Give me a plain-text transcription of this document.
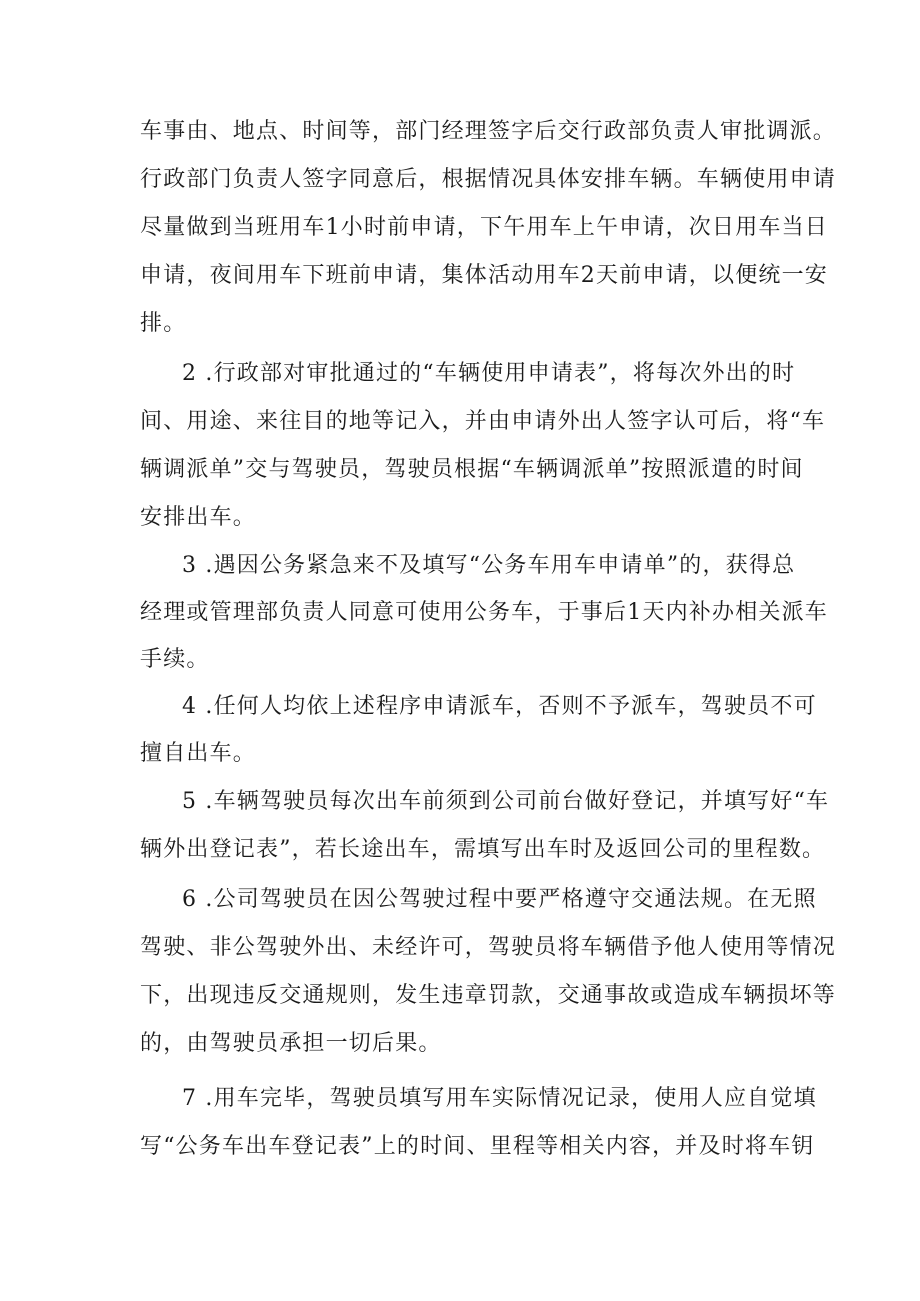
车事由、地点、时间等，部门经理签字后交行政部负责人审批调派。
行政部门负责人签字同意后，根据情况具体安排车辆。车辆使用申请
尽量做到当班用车1小时前申请，下午用车上午申请，次日用车当日
申请，夜间用车下班前申请，集体活动用车2天前申请，以便统一安
排。
2 .行政部对审批通过的“车辆使用申请表”，将每次外出的时
间、用途、来往目的地等记入，并由申请外出人签字认可后，将“车
辆调派单”交与驾驶员，驾驶员根据“车辆调派单”按照派遣的时间
安排出车。
3 .遇因公务紧急来不及填写“公务车用车申请单”的，获得总
经理或管理部负责人同意可使用公务车，于事后1天内补办相关派车
手续。
4 .任何人均依上述程序申请派车，否则不予派车，驾驶员不可
擅自出车。
5 .车辆驾驶员每次出车前须到公司前台做好登记，并填写好“车
辆外出登记表”，若长途出车，需填写出车时及返回公司的里程数。
6 .公司驾驶员在因公驾驶过程中要严格遵守交通法规。在无照
驾驶、非公驾驶外出、未经许可，驾驶员将车辆借予他人使用等情况
下，出现违反交通规则，发生违章罚款，交通事故或造成车辆损坏等
的，由驾驶员承担一切后果。
7 .用车完毕，驾驶员填写用车实际情况记录，使用人应自觉填
写“公务车出车登记表”上的时间、里程等相关内容，并及时将车钥
